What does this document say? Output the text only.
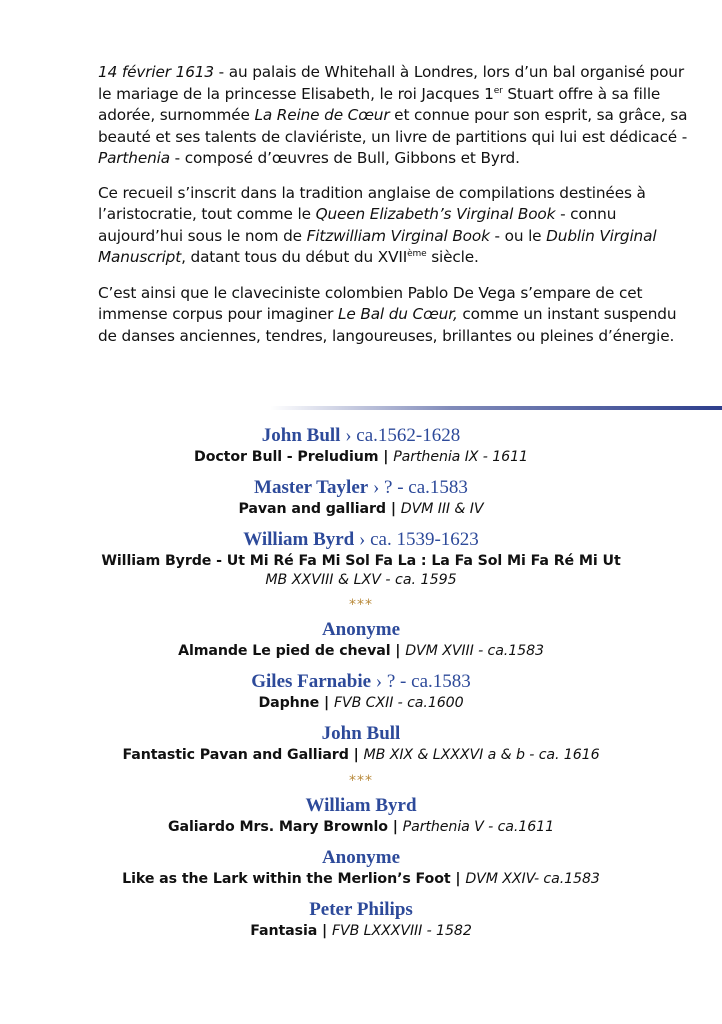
14 février 1613 - au palais de Whitehall à Londres, lors d’un bal organisé pour le mariage de la princesse Elisabeth, le roi Jacques 1er Stuart offre à sa fille adorée, surnommée La Reine de Cœur et connue pour son esprit, sa grâce, sa beauté et ses talents de claviériste, un livre de partitions qui lui est dédicacé - Parthenia - composé d’œuvres de Bull, Gibbons et Byrd.

Ce recueil s’inscrit dans la tradition anglaise de compilations destinées à l’aristocratie, tout comme le Queen Elizabeth’s Virginal Book - connu aujourd’hui sous le nom de Fitzwilliam Virginal Book - ou le Dublin Virginal Manuscript, datant tous du début du XVIIème siècle.

C’est ainsi que le claveciniste colombien Pablo De Vega s’empare de cet immense corpus pour imaginer Le Bal du Cœur, comme un instant suspendu de danses anciennes, tendres, langoureuses, brillantes ou pleines d’énergie.

John Bull › ca.1562-1628
Doctor Bull - Preludium | Parthenia IX - 1611
Master Tayler › ? - ca.1583
Pavan and galliard | DVM III & IV
William Byrd › ca. 1539-1623
William Byrde - Ut Mi Ré Fa Mi Sol Fa La : La Fa Sol Mi Fa Ré Mi Ut
MB XXVIII & LXV - ca. 1595
***
Anonyme
Almande Le pied de cheval | DVM XVIII - ca.1583
Giles Farnabie › ? - ca.1583
Daphne | FVB CXII - ca.1600
John Bull
Fantastic Pavan and Galliard | MB XIX & LXXXVI a & b - ca. 1616
***
William Byrd
Galiardo Mrs. Mary Brownlo | Parthenia V - ca.1611
Anonyme
Like as the Lark within the Merlion’s Foot | DVM XXIV- ca.1583
Peter Philips
Fantasia | FVB LXXXVIII - 1582
